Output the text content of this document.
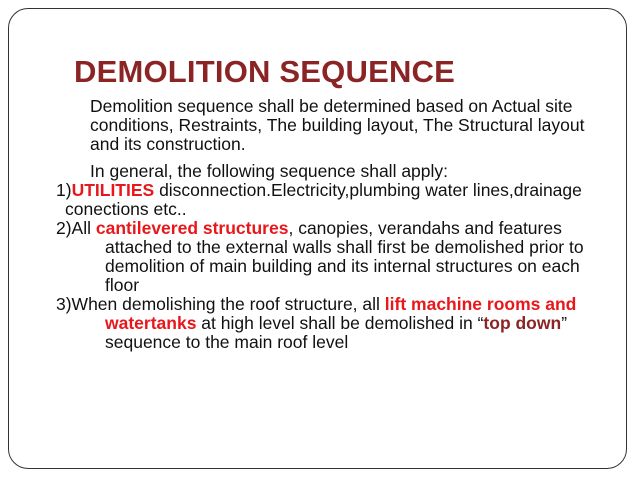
DEMOLITION SEQUENCE

Demolition sequence shall be determined based on Actual site conditions, Restraints, The building layout, The Structural layout and its construction.

In general, the following sequence shall apply:

1)UTILITIES disconnection.Electricity,plumbing water lines,drainage conections etc..

2)All cantilevered structures, canopies, verandahs and features attached to the external walls shall first be demolished prior to demolition of main building and its internal structures on each floor

3)When demolishing the roof structure, all lift machine rooms and watertanks at high level shall be demolished in “top down” sequence to the main roof level
